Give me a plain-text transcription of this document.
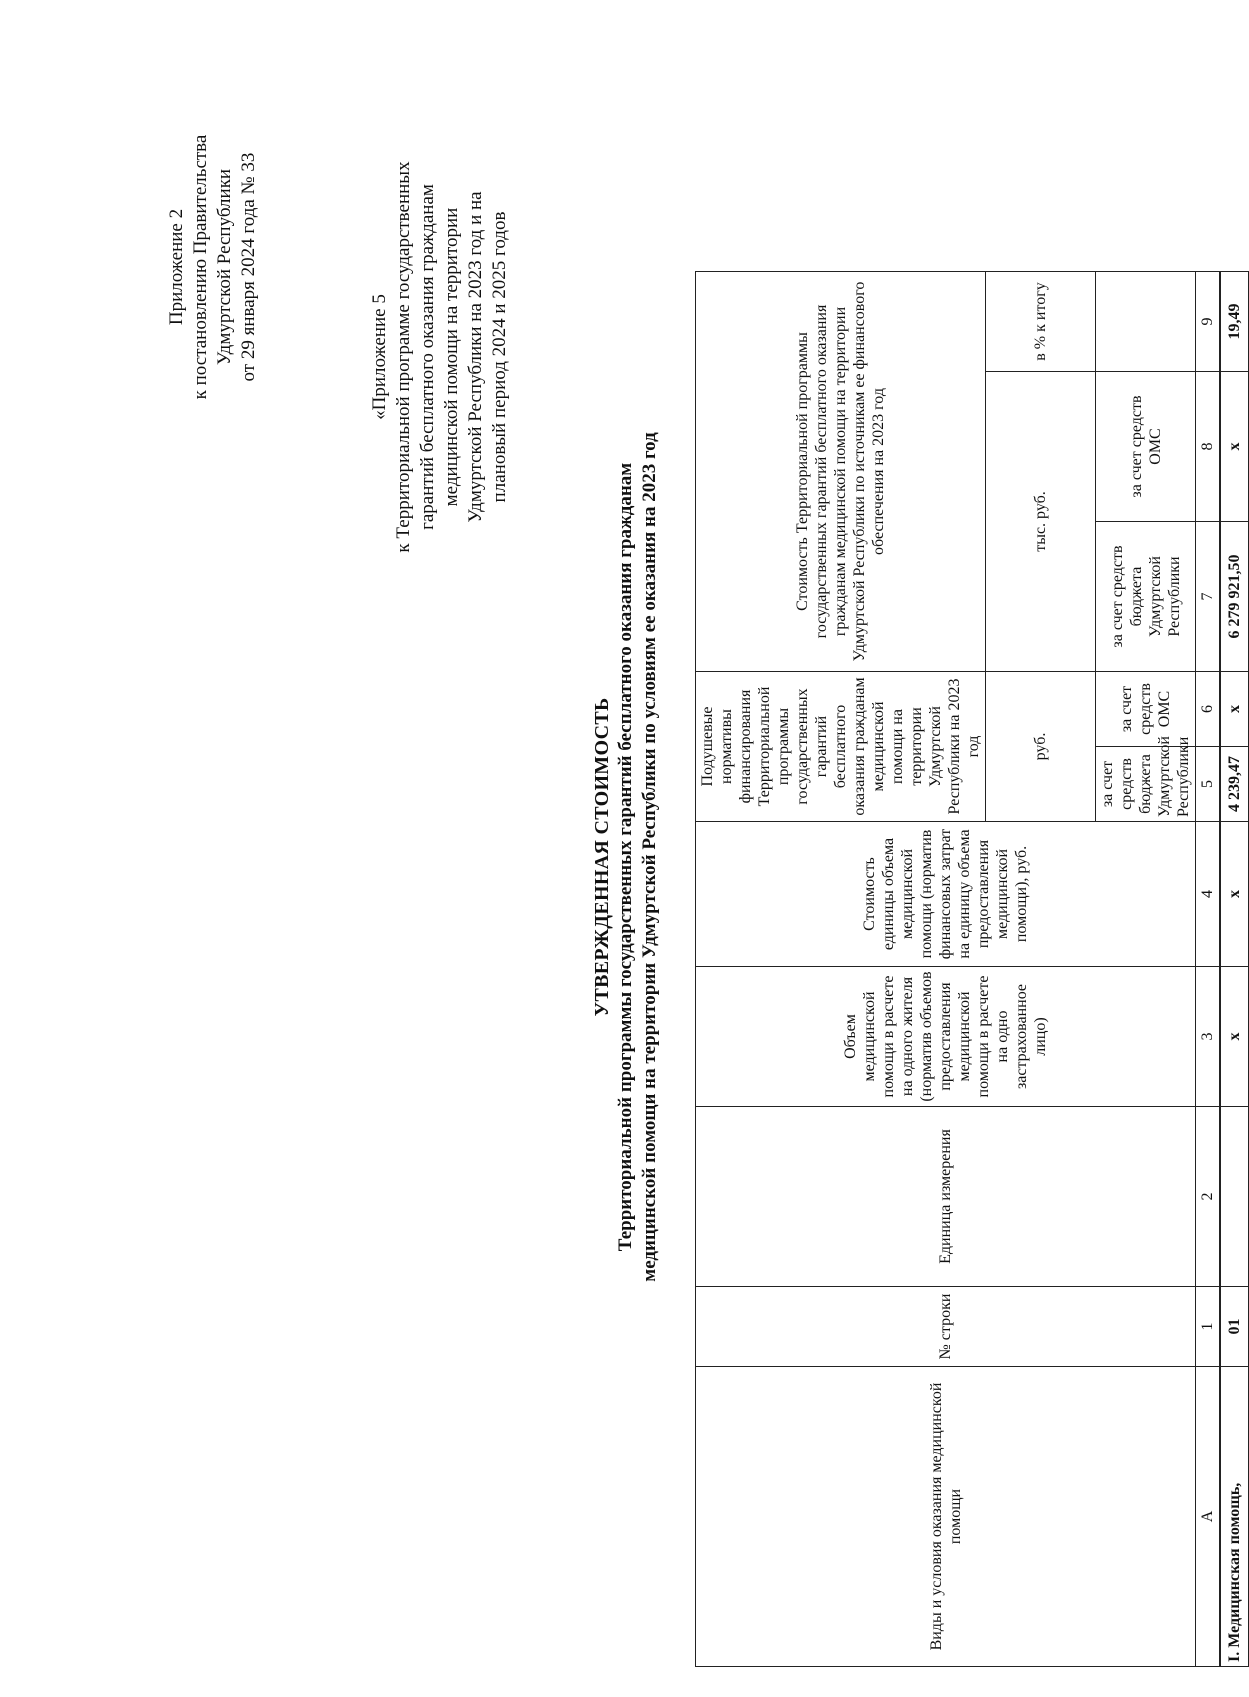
Приложение 2 к постановлению Правительства Удмуртской Республики от 29 января 2024 года № 33	«Приложение 5 к Территориальной программе государственных гарантий бесплатного оказания гражданам медицинской помощи на территории Удмуртской Республики на 2023 год и на плановый период 2024 и 2025 годов
УТВЕРЖДЕННАЯ СТОИМОСТЬ Территориальной программы государственных гарантий бесплатного оказания гражданам медицинской помощи на территории Удмуртской Республики по условиям ее оказания на 2023 год
Виды и условия оказания медицинской помощи	№ строки	Единица измерения	Объем медицинской помощи в расчете на одного жителя (норматив объемов предоставления медицинской помощи в расчете на одно застрахованное лицо)	Стоимость единицы объема медицинской помощи (норматив финансовых затрат на единицу объема предоставления медицинской помощи), руб.	Подушевые нормативы финансирования Территориальной программы государственных гарантий бесплатного оказания гражданам медицинской помощи на территории Удмуртской Республики на 2023 год		Стоимость Территориальной программы государственных гарантий бесплатного оказания гражданам медицинской помощи на территории Удмуртской Республики по источникам ее финансового обеспечения на 2023 год		
					руб.		тыс. руб.		в % к итогу
					за счет средств бюджета Удмуртской Республики	за счет средств ОМС	за счет средств бюджета Удмуртской Республики	за счет средств ОМС	
А	1	2	3	4	5	6	7	8	9
I. Медицинская помощь,	01		х	х	4 239,47	х	6 279 921,50	х	19,49
